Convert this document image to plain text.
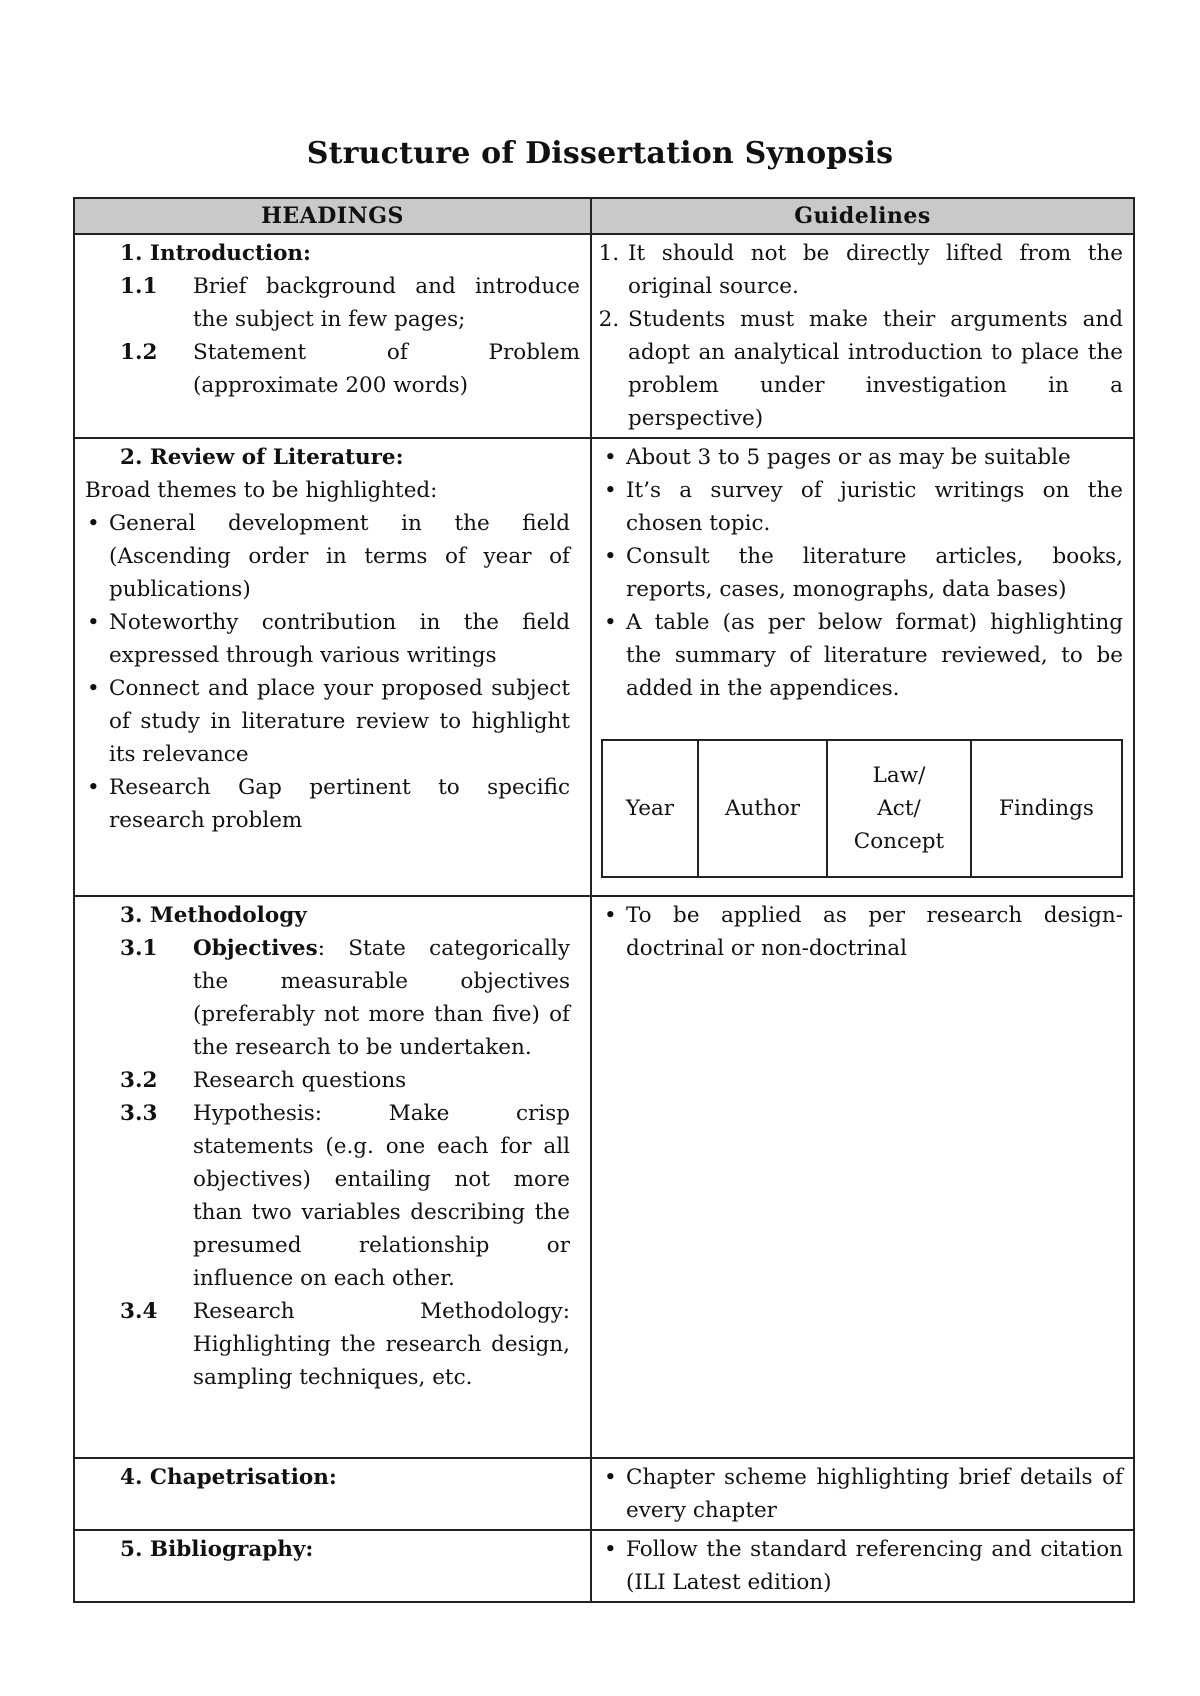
Structure of Dissertation Synopsis
HEADINGS	Guidelines

1. Introduction:
1.1	Brief background and introduce the subject in few pages;
1.2	Statement of Problem (approximate 200 words)

1. It should not be directly lifted from the original source.
2. Students must make their arguments and adopt an analytical introduction to place the problem under investigation in a perspective)

2. Review of Literature:
Broad themes to be highlighted:
• General development in the field (Ascending order in terms of year of publications)
• Noteworthy contribution in the field expressed through various writings
• Connect and place your proposed subject of study in literature review to highlight its relevance
• Research Gap pertinent to specific research problem

• About 3 to 5 pages or as may be suitable
• It’s a survey of juristic writings on the chosen topic.
• Consult the literature articles, books, reports, cases, monographs, data bases)
• A table (as per below format) highlighting the summary of literature reviewed, to be added in the appendices.
Year	Author	Law/ Act/ Concept	Findings

3. Methodology
3.1	Objectives: State categorically the measurable objectives (preferably not more than five) of the research to be undertaken.
3.2	Research questions
3.3	Hypothesis: Make crisp statements (e.g. one each for all objectives) entailing not more than two variables describing the presumed relationship or influence on each other.
3.4	Research Methodology: Highlighting the research design, sampling techniques, etc.

• To be applied as per research design-doctrinal or non-doctrinal

4. Chapetrisation:

•Chapter scheme highlighting brief details of every chapter

5. Bibliography:

•Follow the standard referencing and citation (ILI Latest edition)
